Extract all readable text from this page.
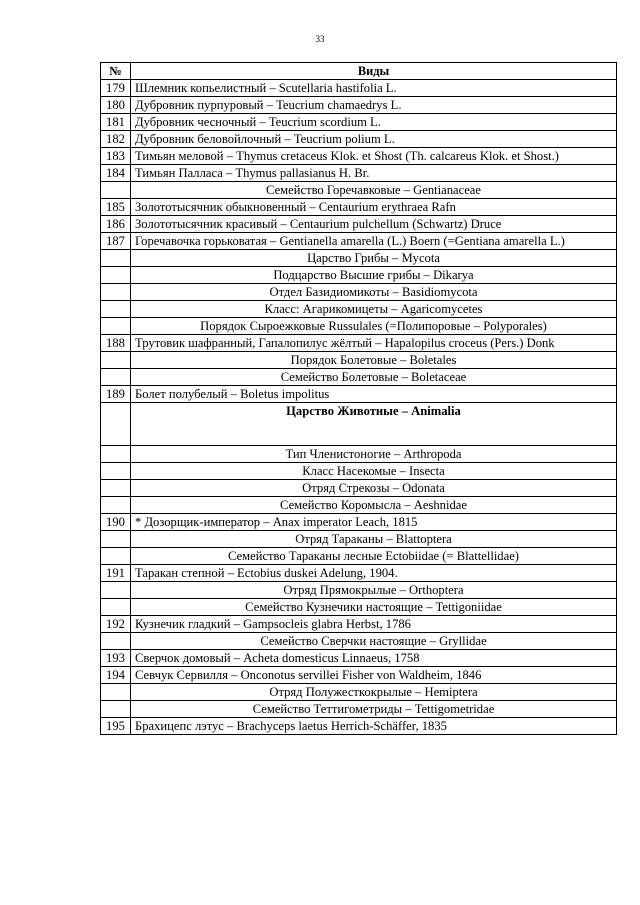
33
№	Виды
179	Шлемник копьелистный – Scutellaria hastifolia L.
180	Дубровник пурпуровый – Teucrium chamaedrys L.
181	Дубровник чесночный – Teucrium scordium L.
182	Дубровник беловойлочный – Teucrium polium L.
183	Тимьян меловой – Thymus cretaceus Klok. et Shost (Th. calcareus Klok. et Shost.)
184	Тимьян Палласа – Thymus pallasianus H. Br.
	Семейство Горечавковые – Gentianaceae
185	Золототысячник обыкновенный – Centaurium erythraea Rafn
186	Золототысячник красивый – Centaurium pulchellum (Schwartz) Druce
187	Горечавочка горьковатая – Gentianella amarella (L.) Boern (=Gentiana amarella L.)
	Царство Грибы – Mycota
	Подцарство Высшие грибы – Dikarya
	Отдел Базидиомикоты – Basidiomycota
	Класс: Агарикомицеты – Agaricomycetes
	Порядок Сыроежковые Russulales (=Полипоровые – Polyporales)
188	Трутовик шафранный, Гапалопилус жёлтый – Hapalopilus croceus (Pers.) Donk
	Порядок Болетовые – Boletales
	Семейство Болетовые – Boletaceae
189	Болет полубелый – Boletus impolitus
	Царство Животные – Animalia
	Тип Членистоногие – Arthropoda
	Класс Насекомые – Insecta
	Отряд Стрекозы – Odonata
	Семейство Коромысла – Aeshnidae
190	* Дозорщик-император – Anax imperator Leach, 1815
	Отряд Тараканы – Blattoptera
	Семейство Тараканы лесные Ectobiidae (= Blattellidae)
191	Таракан степной – Ectobius duskei Adelung, 1904.
	Отряд Прямокрылые – Orthoptera
	Семейство Кузнечики настоящие – Tettigoniidae
192	Кузнечик гладкий – Gampsocleis glabra Herbst, 1786
	Семейство Сверчки настоящие – Gryllidae
193	Сверчок домовый – Acheta domesticus Linnaeus, 1758
194	Севчук Сервилля – Onconotus servillei Fisher von Waldheim, 1846
	Отряд Полужесткокрылые – Hemiptera
	Семейство Теттигометриды – Tettigometridae
195	Брахицепс лэтус – Brachyceps laetus Herrich-Schäffer, 1835
